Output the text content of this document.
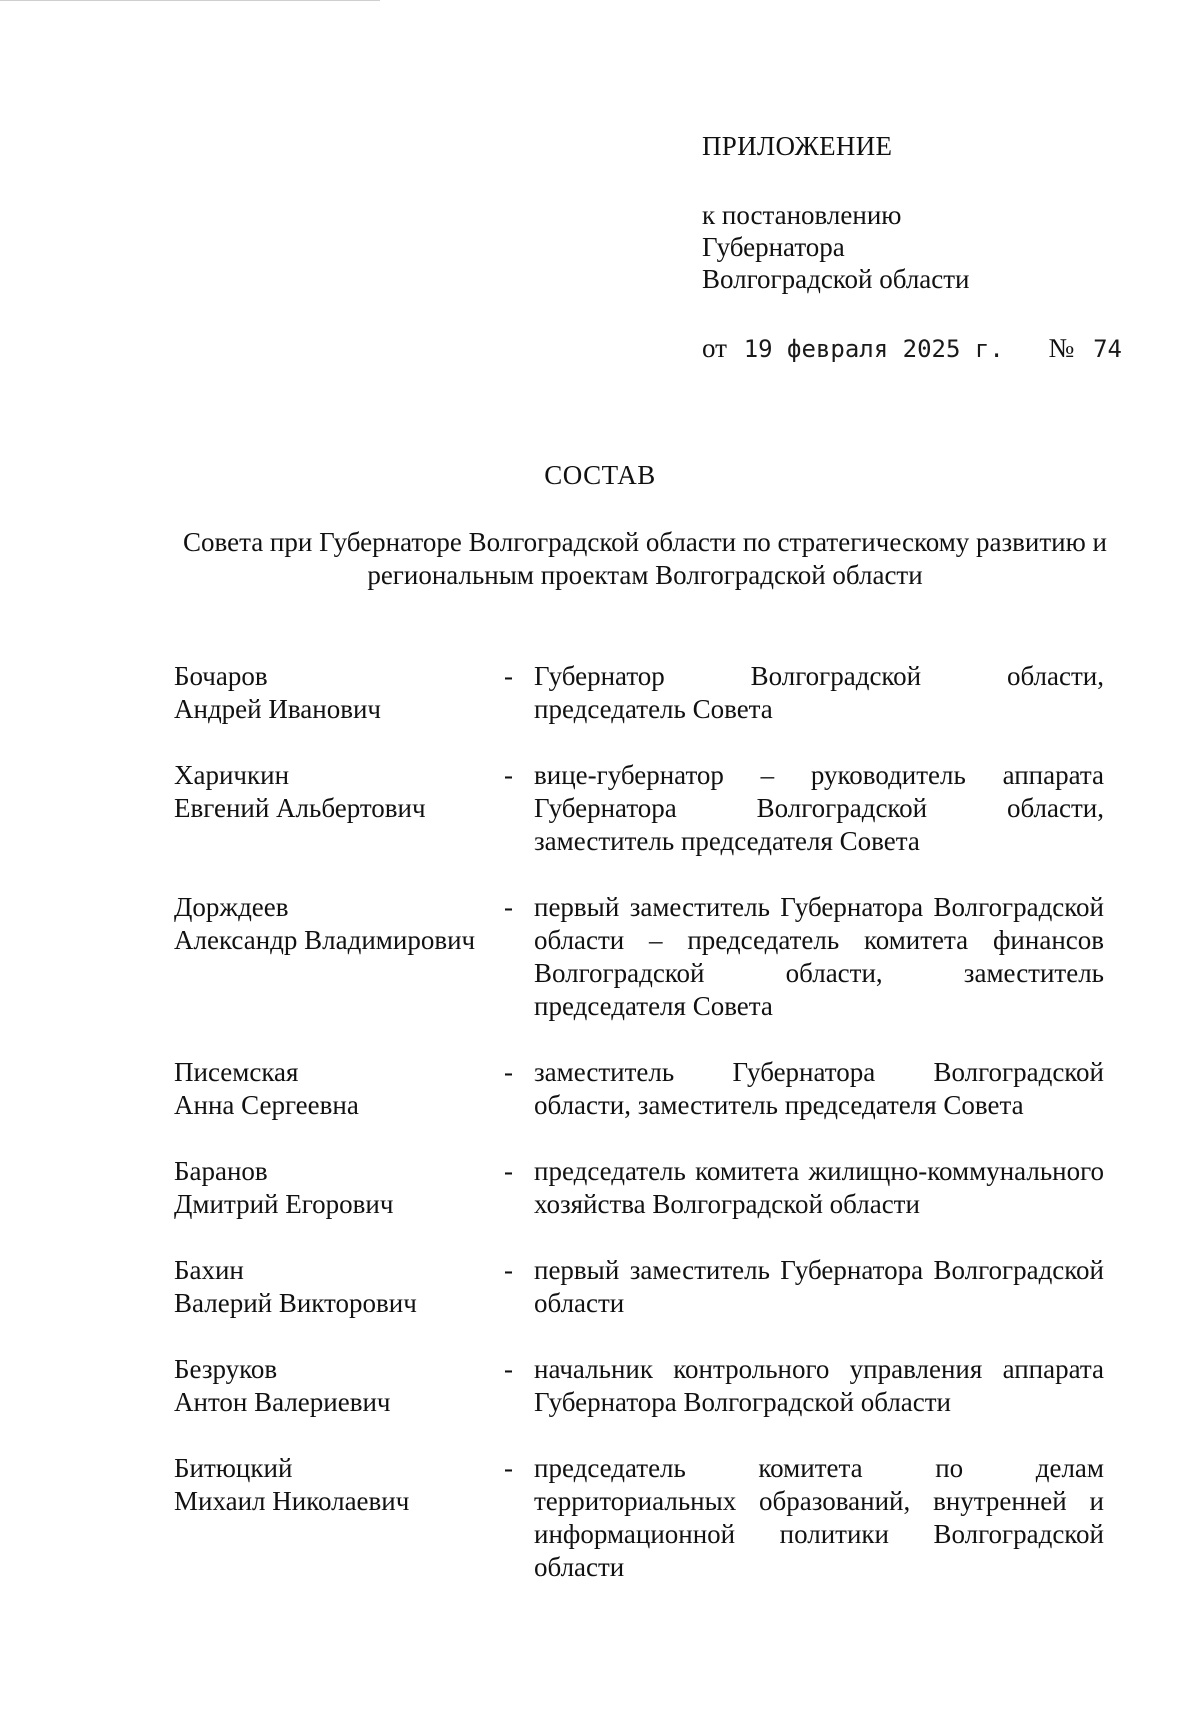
ПРИЛОЖЕНИЕ
к постановлению
Губернатора
Волгоградской области
от 19 февраля 2025 г. № 74
СОСТАВ
Совета при Губернаторе Волгоградской области по стратегическому развитию и региональным проектам Волгоградской области
Бочаров
Андрей Иванович
- Губернатор Волгоградской области, председатель Совета
Харичкин
Евгений Альбертович
- вице-губернатор – руководитель аппарата Губернатора Волгоградской области, заместитель председателя Совета
Дорждеев
Александр Владимирович
- первый заместитель Губернатора Волгоградской области – председатель комитета финансов Волгоградской области, заместитель председателя Совета
Писемская
Анна Сергеевна
- заместитель Губернатора Волгоградской области, заместитель председателя Совета
Баранов
Дмитрий Егорович
- председатель комитета жилищно-коммунального хозяйства Волгоградской области
Бахин
Валерий Викторович
- первый заместитель Губернатора Волгоградской области
Безруков
Антон Валериевич
- начальник контрольного управления аппарата Губернатора Волгоградской области
Битюцкий
Михаил Николаевич
- председатель комитета по делам территориальных образований, внутренней и информационной политики Волгоградской области
